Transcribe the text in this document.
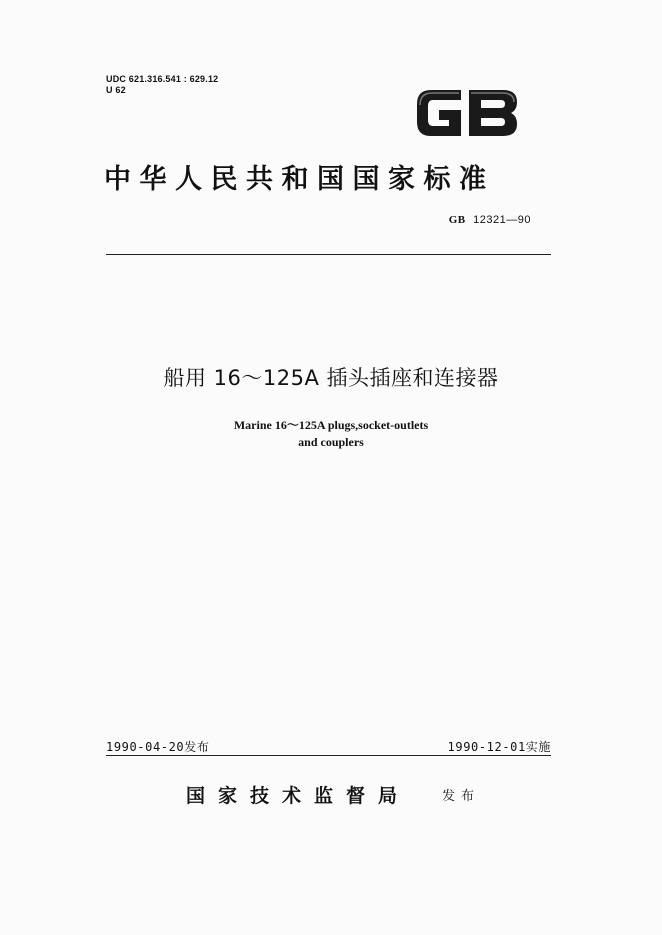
UDC 621.316.541 : 629.12
U 62
中华人民共和国国家标准
GB 12321—90
船用 16～125A 插头插座和连接器
Marine 16～125A plugs,socket-outlets
and couplers
1990-04-20发布	1990-12-01实施
国家技术监督局 发布
